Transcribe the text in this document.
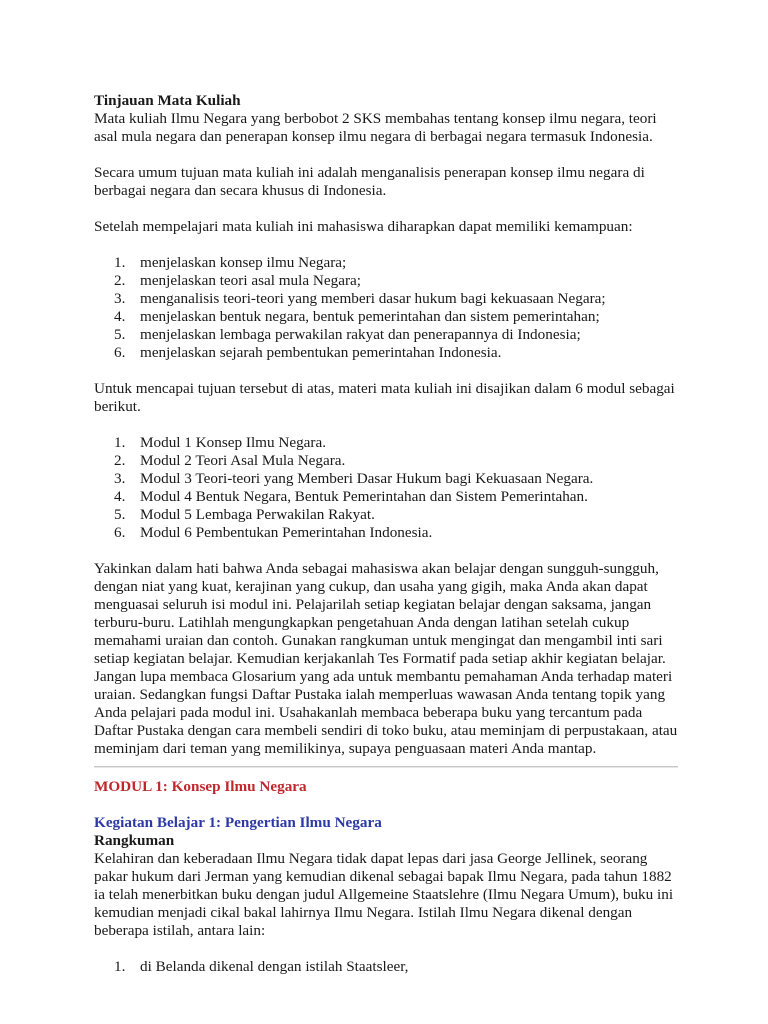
Tinjauan Mata Kuliah

Mata kuliah Ilmu Negara yang berbobot 2 SKS membahas tentang konsep ilmu negara, teori asal mula negara dan penerapan konsep ilmu negara di berbagai negara termasuk Indonesia.

Secara umum tujuan mata kuliah ini adalah menganalisis penerapan konsep ilmu negara di berbagai negara dan secara khusus di Indonesia.

Setelah mempelajari mata kuliah ini mahasiswa diharapkan dapat memiliki kemampuan:

1. menjelaskan konsep ilmu Negara;
2. menjelaskan teori asal mula Negara;
3. menganalisis teori-teori yang memberi dasar hukum bagi kekuasaan Negara;
4. menjelaskan bentuk negara, bentuk pemerintahan dan sistem pemerintahan;
5. menjelaskan lembaga perwakilan rakyat dan penerapannya di Indonesia;
6. menjelaskan sejarah pembentukan pemerintahan Indonesia.

Untuk mencapai tujuan tersebut di atas, materi mata kuliah ini disajikan dalam 6 modul sebagai berikut.

1. Modul 1 Konsep Ilmu Negara.
2. Modul 2 Teori Asal Mula Negara.
3. Modul 3 Teori-teori yang Memberi Dasar Hukum bagi Kekuasaan Negara.
4. Modul 4 Bentuk Negara, Bentuk Pemerintahan dan Sistem Pemerintahan.
5. Modul 5 Lembaga Perwakilan Rakyat.
6. Modul 6 Pembentukan Pemerintahan Indonesia.

Yakinkan dalam hati bahwa Anda sebagai mahasiswa akan belajar dengan sungguh-sungguh, dengan niat yang kuat, kerajinan yang cukup, dan usaha yang gigih, maka Anda akan dapat menguasai seluruh isi modul ini. Pelajarilah setiap kegiatan belajar dengan saksama, jangan terburu-buru. Latihlah mengungkapkan pengetahuan Anda dengan latihan setelah cukup memahami uraian dan contoh. Gunakan rangkuman untuk mengingat dan mengambil inti sari setiap kegiatan belajar. Kemudian kerjakanlah Tes Formatif pada setiap akhir kegiatan belajar. Jangan lupa membaca Glosarium yang ada untuk membantu pemahaman Anda terhadap materi uraian. Sedangkan fungsi Daftar Pustaka ialah memperluas wawasan Anda tentang topik yang Anda pelajari pada modul ini. Usahakanlah membaca beberapa buku yang tercantum pada Daftar Pustaka dengan cara membeli sendiri di toko buku, atau meminjam di perpustakaan, atau meminjam dari teman yang memilikinya, supaya penguasaan materi Anda mantap.

MODUL 1: Konsep Ilmu Negara

Kegiatan Belajar 1: Pengertian Ilmu Negara

Rangkuman

Kelahiran dan keberadaan Ilmu Negara tidak dapat lepas dari jasa George Jellinek, seorang pakar hukum dari Jerman yang kemudian dikenal sebagai bapak Ilmu Negara, pada tahun 1882 ia telah menerbitkan buku dengan judul Allgemeine Staatslehre (Ilmu Negara Umum), buku ini kemudian menjadi cikal bakal lahirnya Ilmu Negara. Istilah Ilmu Negara dikenal dengan beberapa istilah, antara lain:

1. di Belanda dikenal dengan istilah Staatsleer,
